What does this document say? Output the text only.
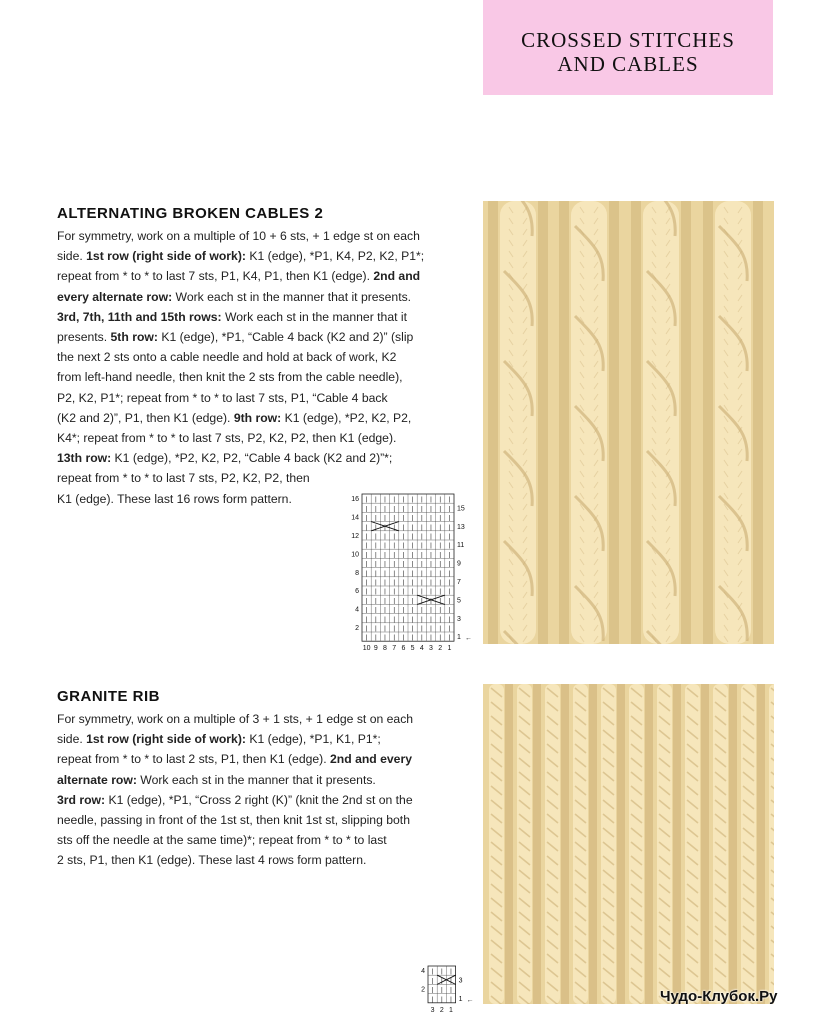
CROSSED STITCHES
AND CABLES
ALTERNATING BROKEN CABLES 2

For symmetry, work on a multiple of 10 + 6 sts, + 1 edge st on each

side. 1st row (right side of work): K1 (edge), *P1, K4, P2, K2, P1*;

repeat from * to * to last 7 sts, P1, K4, P1, then K1 (edge). 2nd and

every alternate row: Work each st in the manner that it presents.

3rd, 7th, 11th and 15th rows: Work each st in the manner that it

presents. 5th row: K1 (edge), *P1, “Cable 4 back (K2 and 2)” (slip

the next 2 sts onto a cable needle and hold at back of work, K2

from left-hand needle, then knit the 2 sts from the cable needle),

P2, K2, P1*; repeat from * to * to last 7 sts, P1, “Cable 4 back

(K2 and 2)”, P1, then K1 (edge). 9th row: K1 (edge), *P2, K2, P2,

K4*; repeat from * to * to last 7 sts, P2, K2, P2, then K1 (edge).

13th row: K1 (edge), *P2, K2, P2, “Cable 4 back (K2 and 2)”*;

repeat from * to * to last 7 sts, P2, K2, P2, then

K1 (edge). These last 16 rows form pattern.	| | | | | | | | | |
| | | | | | | | | |
| | | | | | | | | |
| | | | | | | | | |
| | | | | | | | | |
| | | | | | | | | |
| | | | | | | | | |
| | | | | | | | | |
| | | | | | | | | |
| | | | | | | | | |
| | | | | | | | | |
| | | | | | | | | |
| | | | | | | | | |
| | | | | | | | | |
| | | | | | | | | |
| | | | | | | | | |
16
14
12
10
8
6
4
2
15
13
11
9
7
5
3
1 ←
10 9 8 7 6 5 4 3 2 1
GRANITE RIB

For symmetry, work on a multiple of 3 + 1 sts, + 1 edge st on each

side. 1st row (right side of work): K1 (edge), *P1, K1, P1*;

repeat from * to * to last 2 sts, P1, then K1 (edge). 2nd and every

alternate row: Work each st in the manner that it presents.

3rd row: K1 (edge), *P1, “Cross 2 right (K)” (knit the 2nd st on the

needle, passing in front of the 1st st, then knit 1st st, slipping both

sts off the needle at the same time)*; repeat from * to * to last

2 sts, P1, then K1 (edge). These last 4 rows form pattern.

| | |
| | |
| | |
| | |
4
2
3
1 ←
3 2 1
Чудо-Клубок.Ру
